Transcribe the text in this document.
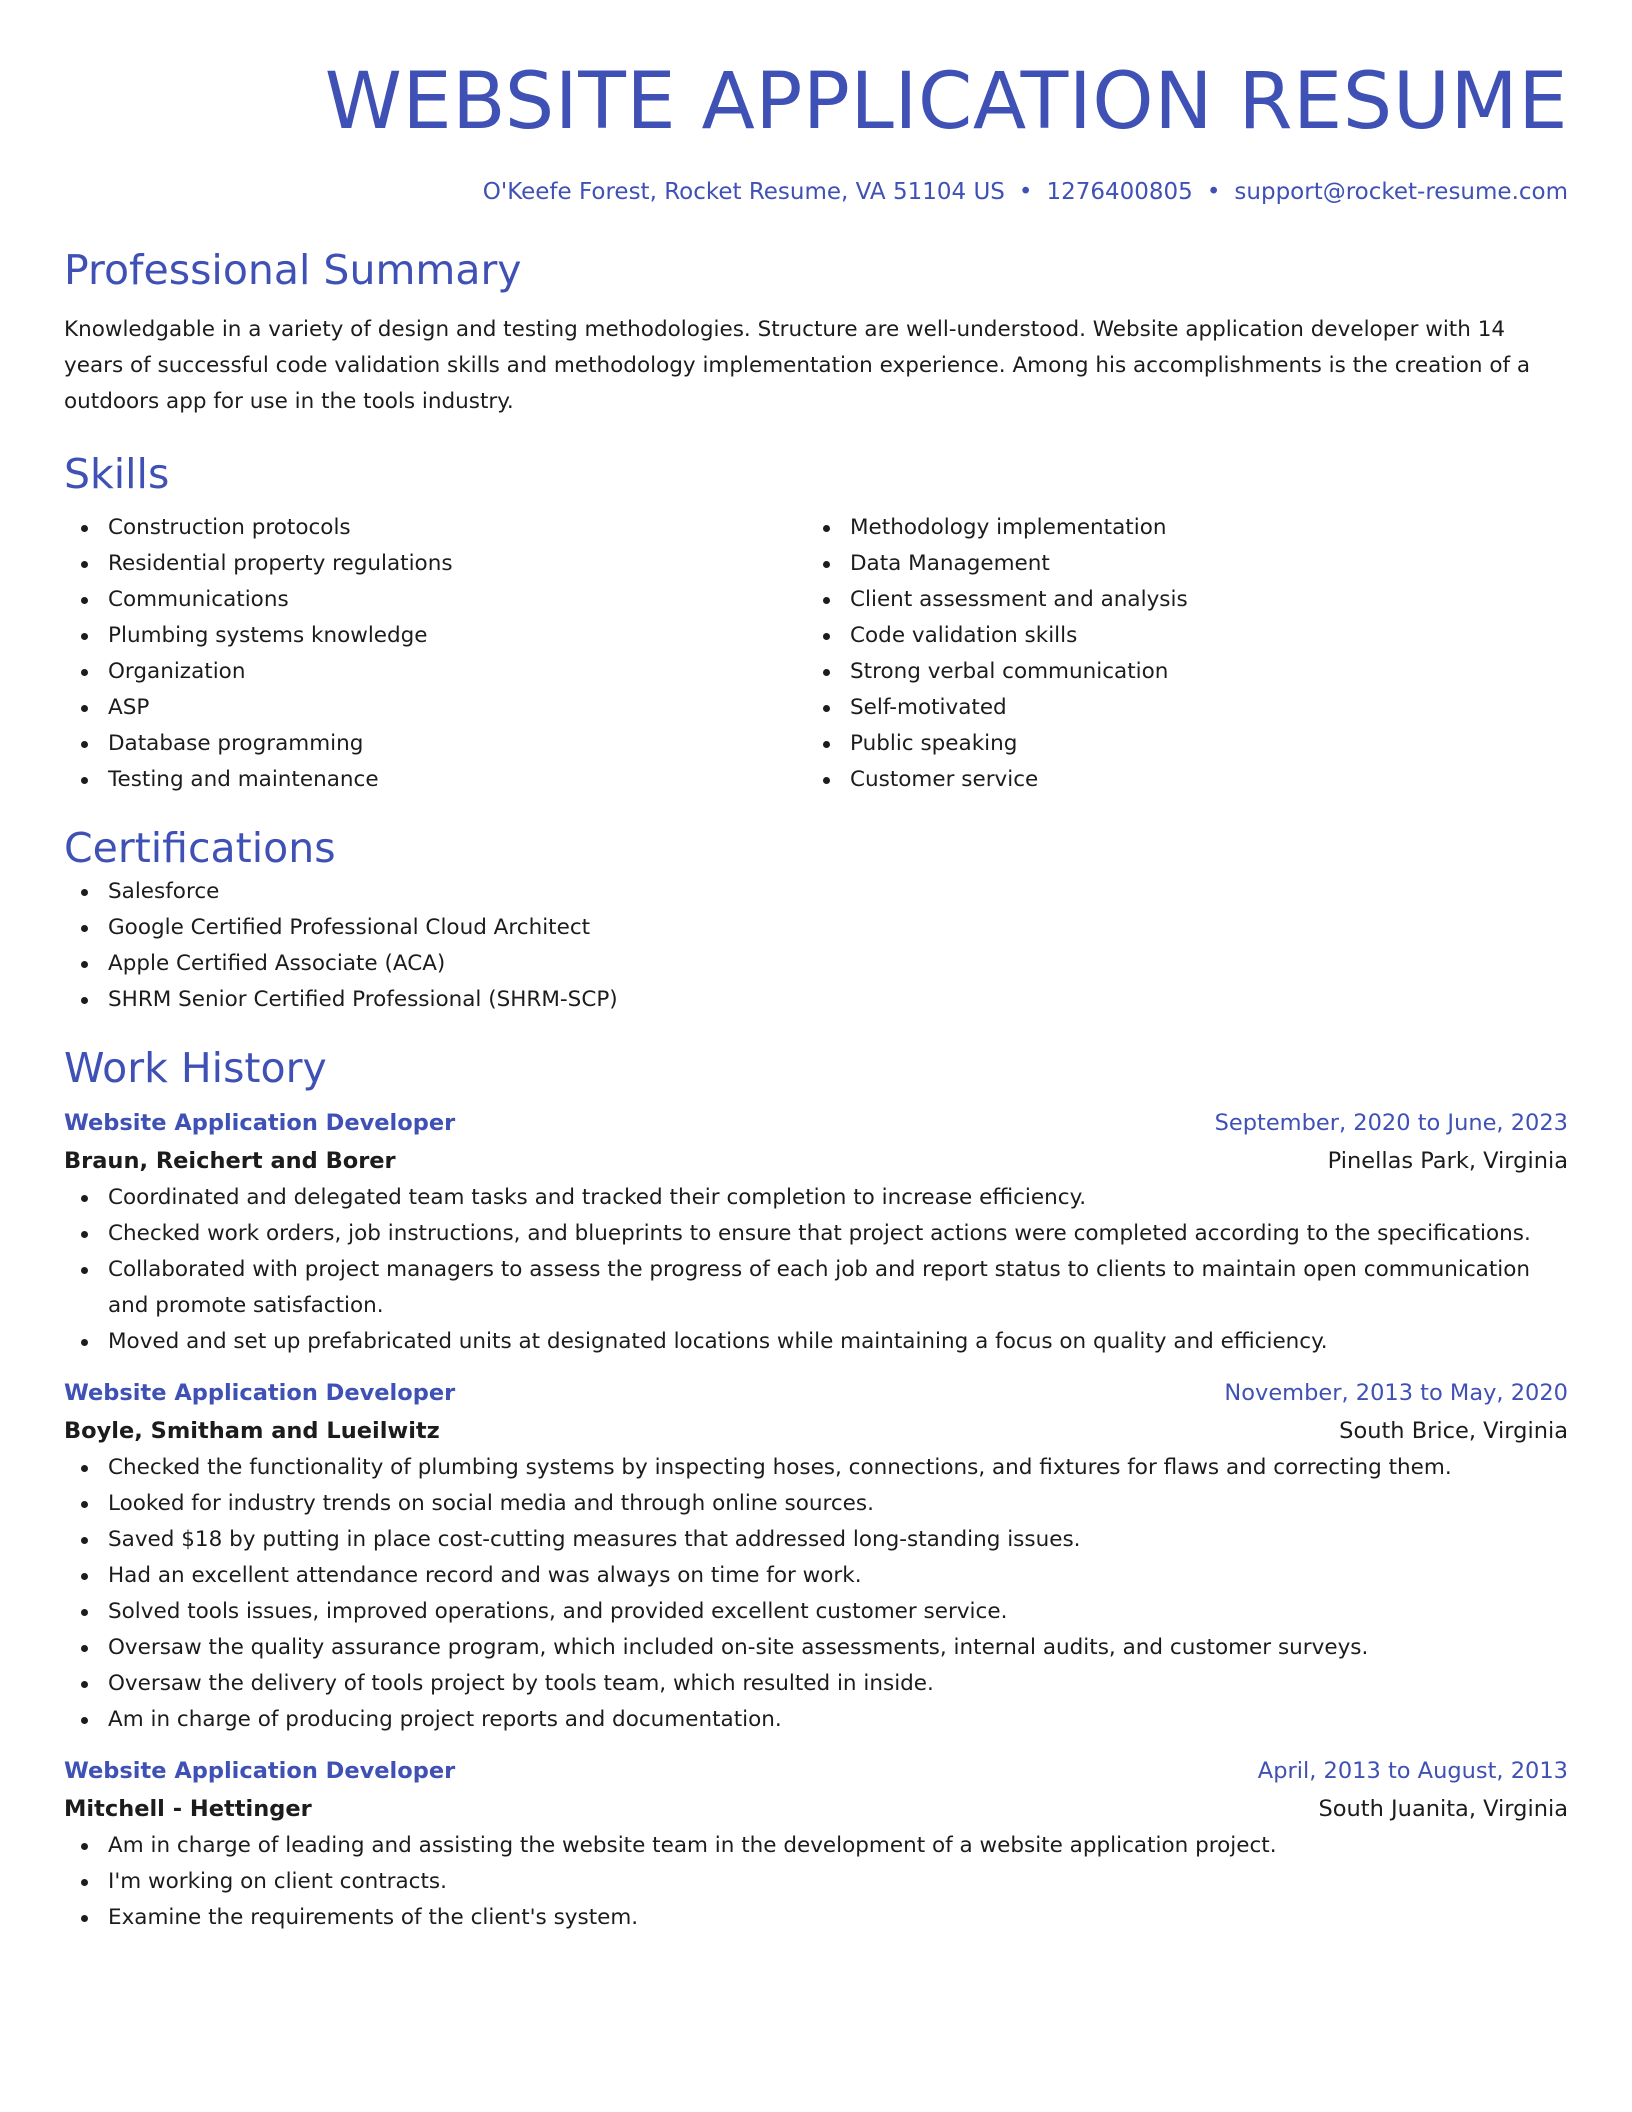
WEBSITE APPLICATION RESUME
O'Keefe Forest, Rocket Resume, VA 51104 US • 1276400805 • support@rocket-resume.com
Professional Summary
Knowledgable in a variety of design and testing methodologies. Structure are well-understood. Website application developer with 14 years of successful code validation skills and methodology implementation experience. Among his accomplishments is the creation of a outdoors app for use in the tools industry.
Skills
Construction protocols
Residential property regulations
Communications
Plumbing systems knowledge
Organization
ASP
Database programming
Testing and maintenance
Methodology implementation
Data Management
Client assessment and analysis
Code validation skills
Strong verbal communication
Self-motivated
Public speaking
Customer service
Certifications
Salesforce
Google Certified Professional Cloud Architect
Apple Certified Associate (ACA)
SHRM Senior Certified Professional (SHRM-SCP)
Work History
Website Application Developer	September, 2020 to June, 2023
Braun, Reichert and Borer	Pinellas Park, Virginia
Coordinated and delegated team tasks and tracked their completion to increase efficiency.
Checked work orders, job instructions, and blueprints to ensure that project actions were completed according to the specifications.
Collaborated with project managers to assess the progress of each job and report status to clients to maintain open communication and promote satisfaction.
Moved and set up prefabricated units at designated locations while maintaining a focus on quality and efficiency.
Website Application Developer	November, 2013 to May, 2020
Boyle, Smitham and Lueilwitz	South Brice, Virginia
Checked the functionality of plumbing systems by inspecting hoses, connections, and fixtures for flaws and correcting them.
Looked for industry trends on social media and through online sources.
Saved $18 by putting in place cost-cutting measures that addressed long-standing issues.
Had an excellent attendance record and was always on time for work.
Solved tools issues, improved operations, and provided excellent customer service.
Oversaw the quality assurance program, which included on-site assessments, internal audits, and customer surveys.
Oversaw the delivery of tools project by tools team, which resulted in inside.
Am in charge of producing project reports and documentation.
Website Application Developer	April, 2013 to August, 2013
Mitchell - Hettinger	South Juanita, Virginia
Am in charge of leading and assisting the website team in the development of a website application project.
I'm working on client contracts.
Examine the requirements of the client's system.
